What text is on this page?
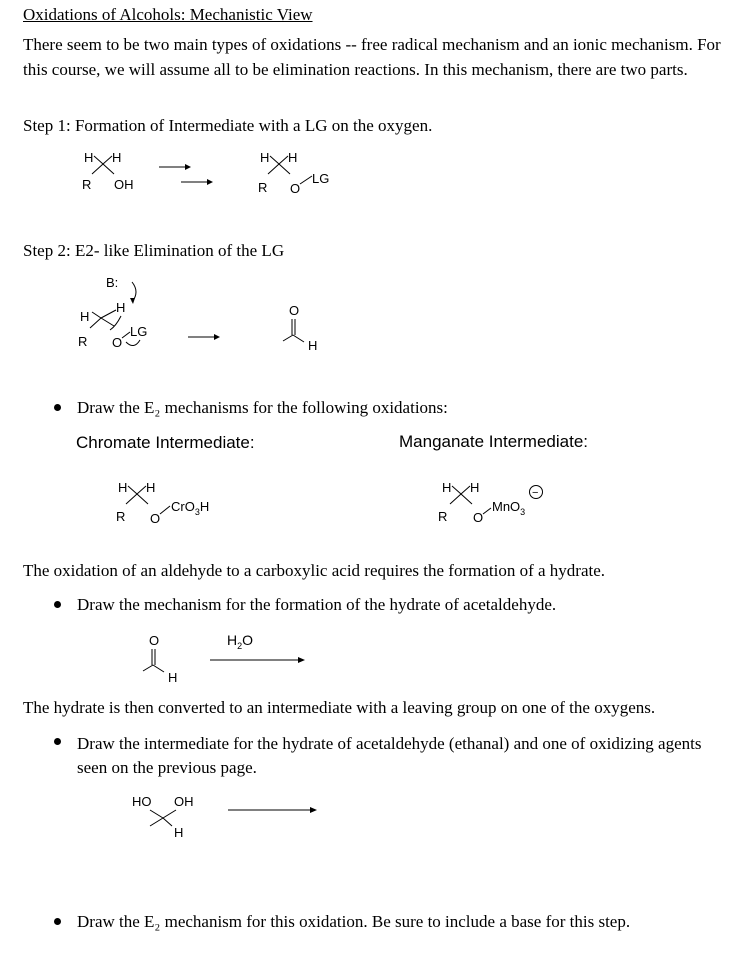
Oxidations of Alcohols: Mechanistic View
There seem to be two main types of oxidations -- free radical mechanism and an ionic mechanism. For this course, we will assume all to be elimination reactions. In this mechanism, there are two parts.
Step 1: Formation of Intermediate with a LG on the oxygen.
H H
R OH
H H
R O
LG
Step 2: E2- like Elimination of the LG
B:
H
H
R O
LG
O
H
Draw the E₂ mechanisms for the following oxidations:
Chromate Intermediate:	Manganate Intermediate:
H H
R O
CrO$_3$H
H H
R O
MnO$_3$
−
The oxidation of an aldehyde to a carboxylic acid requires the formation of a hydrate.
Draw the mechanism for the formation of the hydrate of acetaldehyde.
O
H
$H_2O$
The hydrate is then converted to an intermediate with a leaving group on one of the oxygens.
Draw the intermediate for the hydrate of acetaldehyde (ethanal) and one of oxidizing agents seen on the previous page.
HO OH
H
Draw the E₂ mechanism for this oxidation. Be sure to include a base for this step.
